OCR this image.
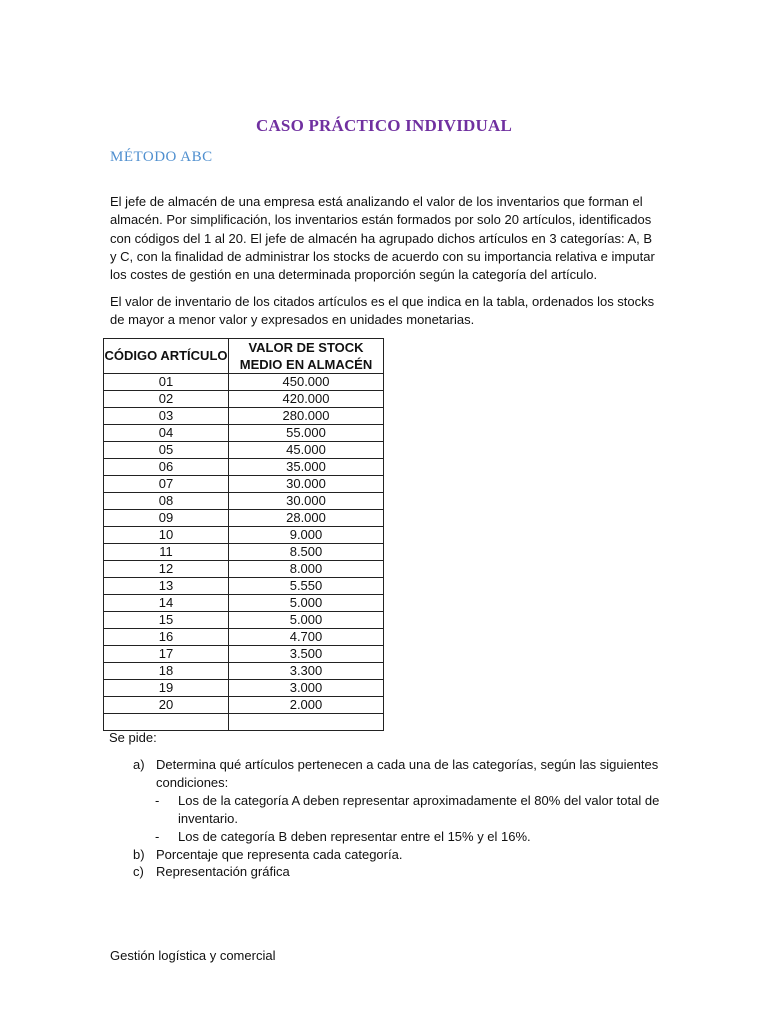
CASO PRÁCTICO INDIVIDUAL
MÉTODO ABC
El jefe de almacén de una empresa está analizando el valor de los inventarios que forman el almacén. Por simplificación, los inventarios están formados por solo 20 artículos, identificados con códigos del 1 al 20. El jefe de almacén ha agrupado dichos artículos en 3 categorías: A, B y C, con la finalidad de administrar los stocks de acuerdo con su importancia relativa e imputar los costes de gestión en una determinada proporción según la categoría del artículo.
El valor de inventario de los citados artículos es el que indica en la tabla, ordenados los stocks de mayor a menor valor y expresados en unidades monetarias.
CÓDIGO ARTÍCULO	VALOR DE STOCK MEDIO EN ALMACÉN
01	450.000
02	420.000
03	280.000
04	55.000
05	45.000
06	35.000
07	30.000
08	30.000
09	28.000
10	9.000
11	8.500
12	8.000
13	5.550
14	5.000
15	5.000
16	4.700
17	3.500
18	3.300
19	3.000
20	2.000

Se pide:
a) Determina qué artículos pertenecen a cada una de las categorías, según las siguientes condiciones:
- Los de la categoría A deben representar aproximadamente el 80% del valor total de inventario.
- Los de categoría B deben representar entre el 15% y el 16%.
b) Porcentaje que representa cada categoría.
c) Representación gráfica
Gestión logística y comercial
